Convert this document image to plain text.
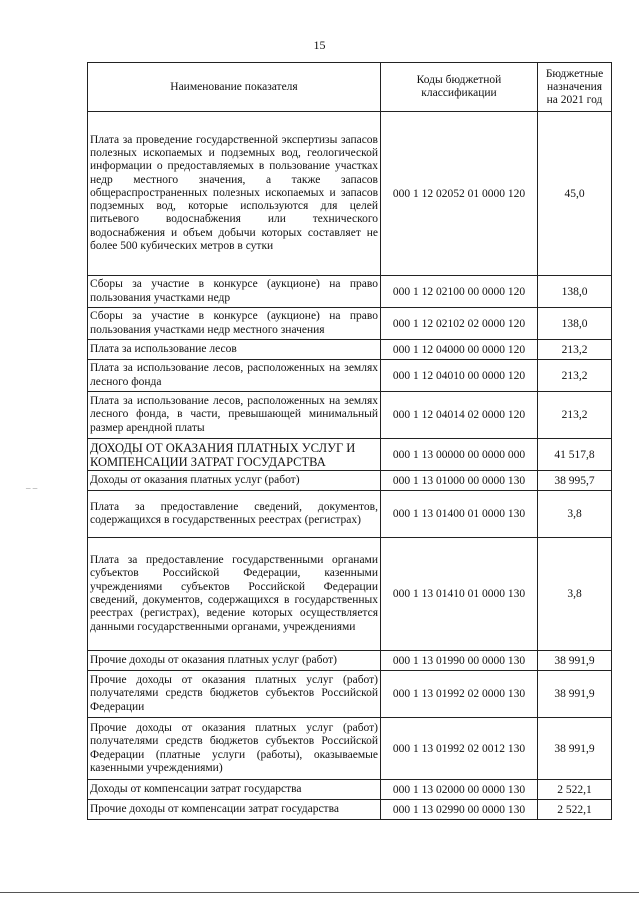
15
– –
Наименование показателя	Коды бюджетной классификации	Бюджетные назначения на 2021 год
Плата за проведение государственной экспертизы запасов полезных ископаемых и подземных вод, геологической информации о предоставляемых в пользование участках недр местного значения, а также запасов общераспространенных полезных ископаемых и запасов подземных вод, которые используются для целей питьевого водоснабжения или технического водоснабжения и объем добычи которых составляет не более 500 кубических метров в сутки	000 1 12 02052 01 0000 120	45,0
Сборы за участие в конкурсе (аукционе) на право пользования участками недр	000 1 12 02100 00 0000 120	138,0
Сборы за участие в конкурсе (аукционе) на право пользования участками недр местного значения	000 1 12 02102 02 0000 120	138,0
Плата за использование лесов	000 1 12 04000 00 0000 120	213,2
Плата за использование лесов, расположенных на землях лесного фонда	000 1 12 04010 00 0000 120	213,2
Плата за использование лесов, расположенных на землях лесного фонда, в части, превышающей минимальный размер арендной платы	000 1 12 04014 02 0000 120	213,2
ДОХОДЫ ОТ ОКАЗАНИЯ ПЛАТНЫХ УСЛУГ И КОМПЕНСАЦИИ ЗАТРАТ ГОСУДАРСТВА	000 1 13 00000 00 0000 000	41 517,8
Доходы от оказания платных услуг (работ)	000 1 13 01000 00 0000 130	38 995,7
Плата за предоставление сведений, документов, содержащихся в государственных реестрах (регистрах)	000 1 13 01400 01 0000 130	3,8
Плата за предоставление государственными органами субъектов Российской Федерации, казенными учреждениями субъектов Российской Федерации сведений, документов, содержащихся в государственных реестрах (регистрах), ведение которых осуществляется данными государственными органами, учреждениями	000 1 13 01410 01 0000 130	3,8
Прочие доходы от оказания платных услуг (работ)	000 1 13 01990 00 0000 130	38 991,9
Прочие доходы от оказания платных услуг (работ) получателями средств бюджетов субъектов Российской Федерации	000 1 13 01992 02 0000 130	38 991,9
Прочие доходы от оказания платных услуг (работ) получателями средств бюджетов субъектов Российской Федерации (платные услуги (работы), оказываемые казенными учреждениями)	000 1 13 01992 02 0012 130	38 991,9
Доходы от компенсации затрат государства	000 1 13 02000 00 0000 130	2 522,1
Прочие доходы от компенсации затрат государства	000 1 13 02990 00 0000 130	2 522,1
